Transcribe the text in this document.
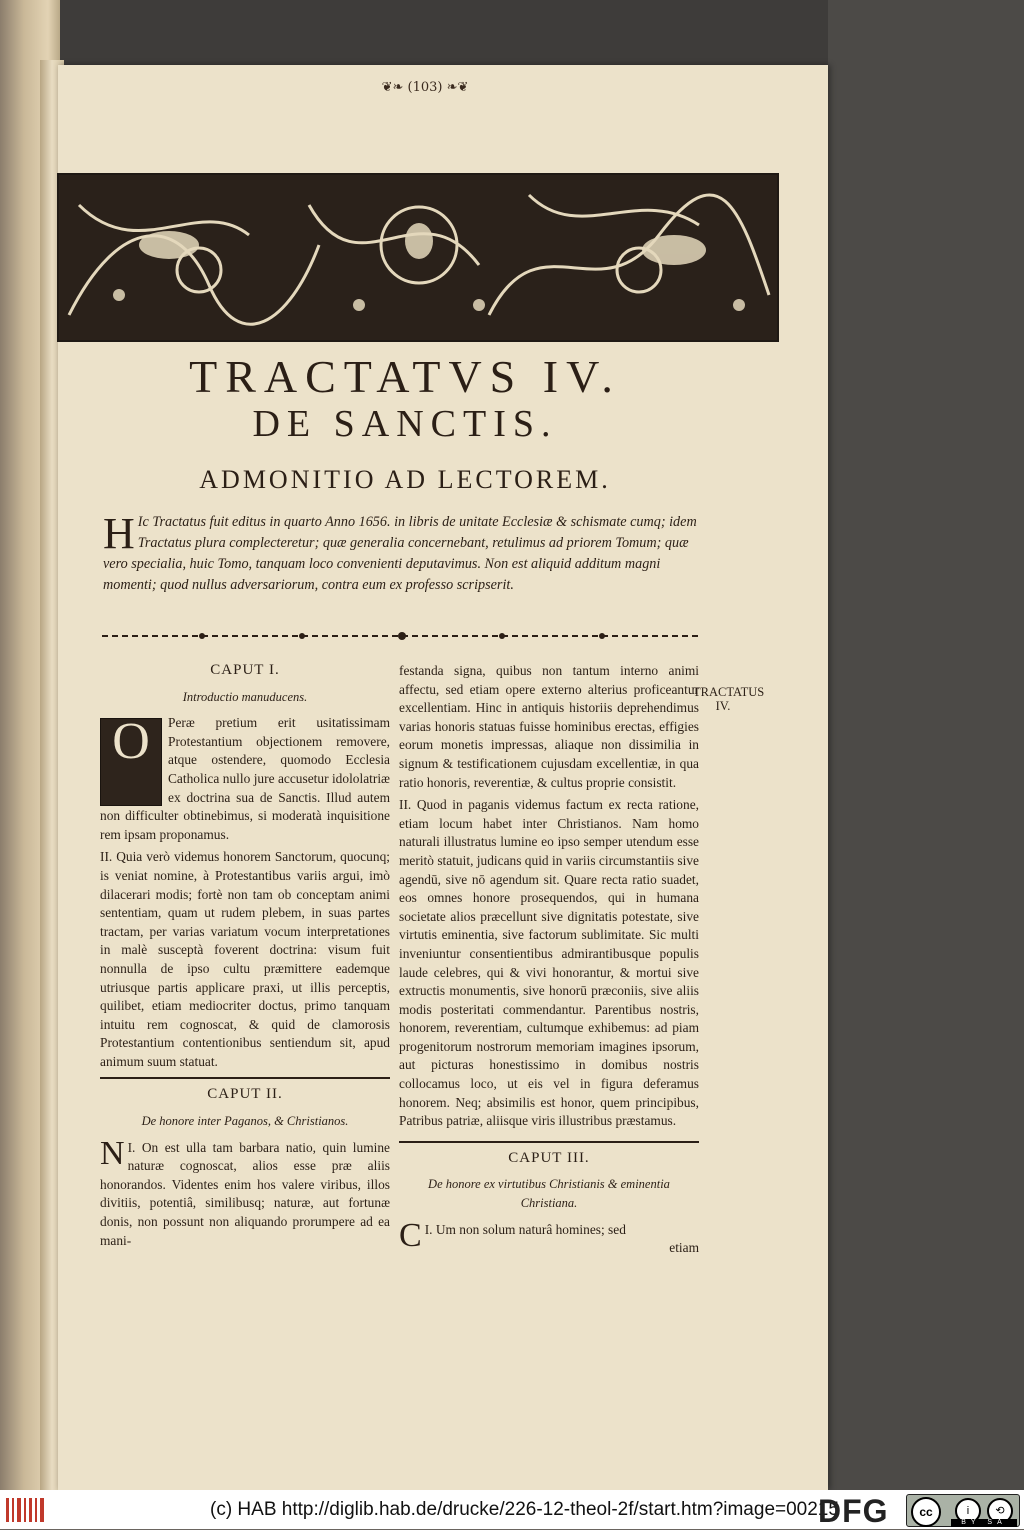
❦❧ (103) ❧❦
TRACTATVS IV.
DE SANCTIS.
ADMONITIO AD LECTOREM.
H Ic Tractatus fuit editus in quarto Anno 1656. in libris de unitate Ecclesiæ & schismate cumq; idem Tractatus plura complecteretur; quæ generalia concernebant, retulimus ad priorem Tomum; quæ vero specialia, huic Tomo, tanquam loco convenienti deputavimus. Non est aliquid additum magni momenti; quod nullus adversariorum, contra eum ex professo scripserit.
CAPUT I.
Introductio manuducens.
O	Peræ pretium erit usitatissimam Protestantium objectionem removere, atque ostendere, quomodo Ecclesia Catholica nullo jure accusetur idololatriæ ex doctrina sua de Sanctis. Illud autem non difficulter obtinebimus, si moderatà inquisitione rem ipsam proponamus.

II. Quia verò videmus honorem Sanctorum, quocunq; is veniat nomine, à Protestantibus variis argui, imò dilacerari modis; fortè non tam ob conceptam animi sententiam, quam ut rudem plebem, in suas partes tractam, per varias variatum vocum interpretationes in malè susceptà foverent doctrina: visum fuit nonnulla de ipso cultu præmittere eademque utriusque partis applicare praxi, ut illis perceptis, quilibet, etiam mediocriter doctus, primo tanquam intuitu rem cognoscat, & quid de clamorosis Protestantium contentionibus sentiendum sit, apud animum suum statuat.

CAPUT II.
De honore inter Paganos, & Christianos.

I.
N On est ulla tam barbara natio, quin lumine naturæ cognoscat, alios esse præ aliis honorandos. Videntes enim hos valere viribus, illos divitiis, potentiâ, similibusq; naturæ, aut fortunæ donis, non possunt non aliquando prorumpere ad ea mani-

festanda signa, quibus non tantum interno animi affectu, sed etiam opere externo alterius proficeantur excellentiam. Hinc in antiquis historiis deprehendimus varias honoris statuas fuisse hominibus erectas, effigies eorum monetis impressas, aliaque non dissimilia in signum & testificationem cujusdam excellentiæ, in qua ratio honoris, reverentiæ, & cultus proprie consistit.

II. Quod in paganis videmus factum ex recta ratione, etiam locum habet inter Christianos. Nam homo naturali illustratus lumine eo ipso semper utendum esse meritò statuit, judicans quid in variis circumstantiis sive agendū, sive nō agendum sit. Quare recta ratio suadet, eos omnes honore prosequendos, qui in humana societate alios præcellunt sive dignitatis potestate, sive virtutis eminentia, sive factorum sublimitate. Sic multi inveniuntur consentientibus admirantibusque populis laude celebres, qui & vivi honorantur, & mortui sive extructis monumentis, sive honorū præconiis, sive aliis modis posteritati commendantur. Parentibus nostris, honorem, reverentiam, cultumque exhibemus: ad piam progenitorum nostrorum memoriam imagines ipsorum, aut picturas honestissimo in domibus nostris collocamus loco, ut eis vel in figura deferamus honorem. Neq; absimilis est honor, quem principibus, Patribus patriæ, aliisque viris illustribus præstamus.

CAPUT III.
De honore ex virtutibus Christianis & eminentia Christiana.

I.
C Um non solum naturâ homines; sed

etiam

TRACTATUS IV.
(c) HAB http://diglib.hab.de/drucke/226-12-theol-2f/start.htm?image=00215
DFG	cc	i	⟲
BY SA
